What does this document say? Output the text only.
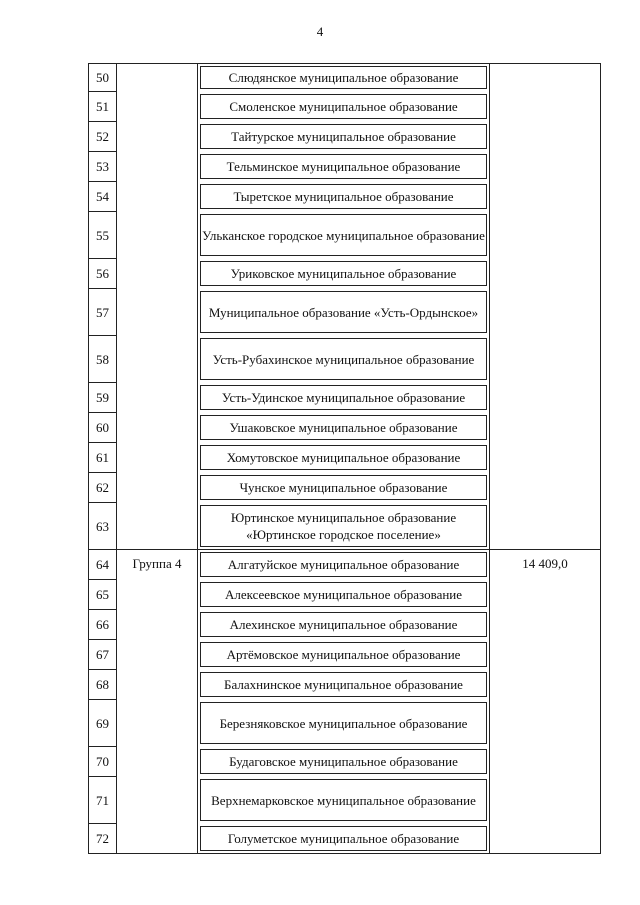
4
50		Слюдянское муниципальное образование	

51		Смоленское муниципальное образование	

52		Тайтурское муниципальное образование	

53		Тельминское муниципальное образование	

54		Тыретское муниципальное образование	

55		Ульканское городское муниципальное образование	

56		Уриковское муниципальное образование	

57		Муниципальное образование «Усть-Ордынское»	

58		Усть-Рубахинское муниципальное образование	

59		Усть-Удинское муниципальное образование	

60		Ушаковское муниципальное образование	

61		Хомутовское муниципальное образование	

62		Чунское муниципальное образование	

63		Юртинское муниципальное образование «Юртинское городское поселение»	

64	Группа 4	Алгатуйское муниципальное образование	14 409,0

65		Алексеевское муниципальное образование	

66		Алехинское муниципальное образование	

67		Артёмовское муниципальное образование	

68		Балахнинское муниципальное образование	

69		Березняковское муниципальное образование	

70		Будаговское муниципальное образование	

71		Верхнемарковское муниципальное образование	

72		Голуметское муниципальное образование	
